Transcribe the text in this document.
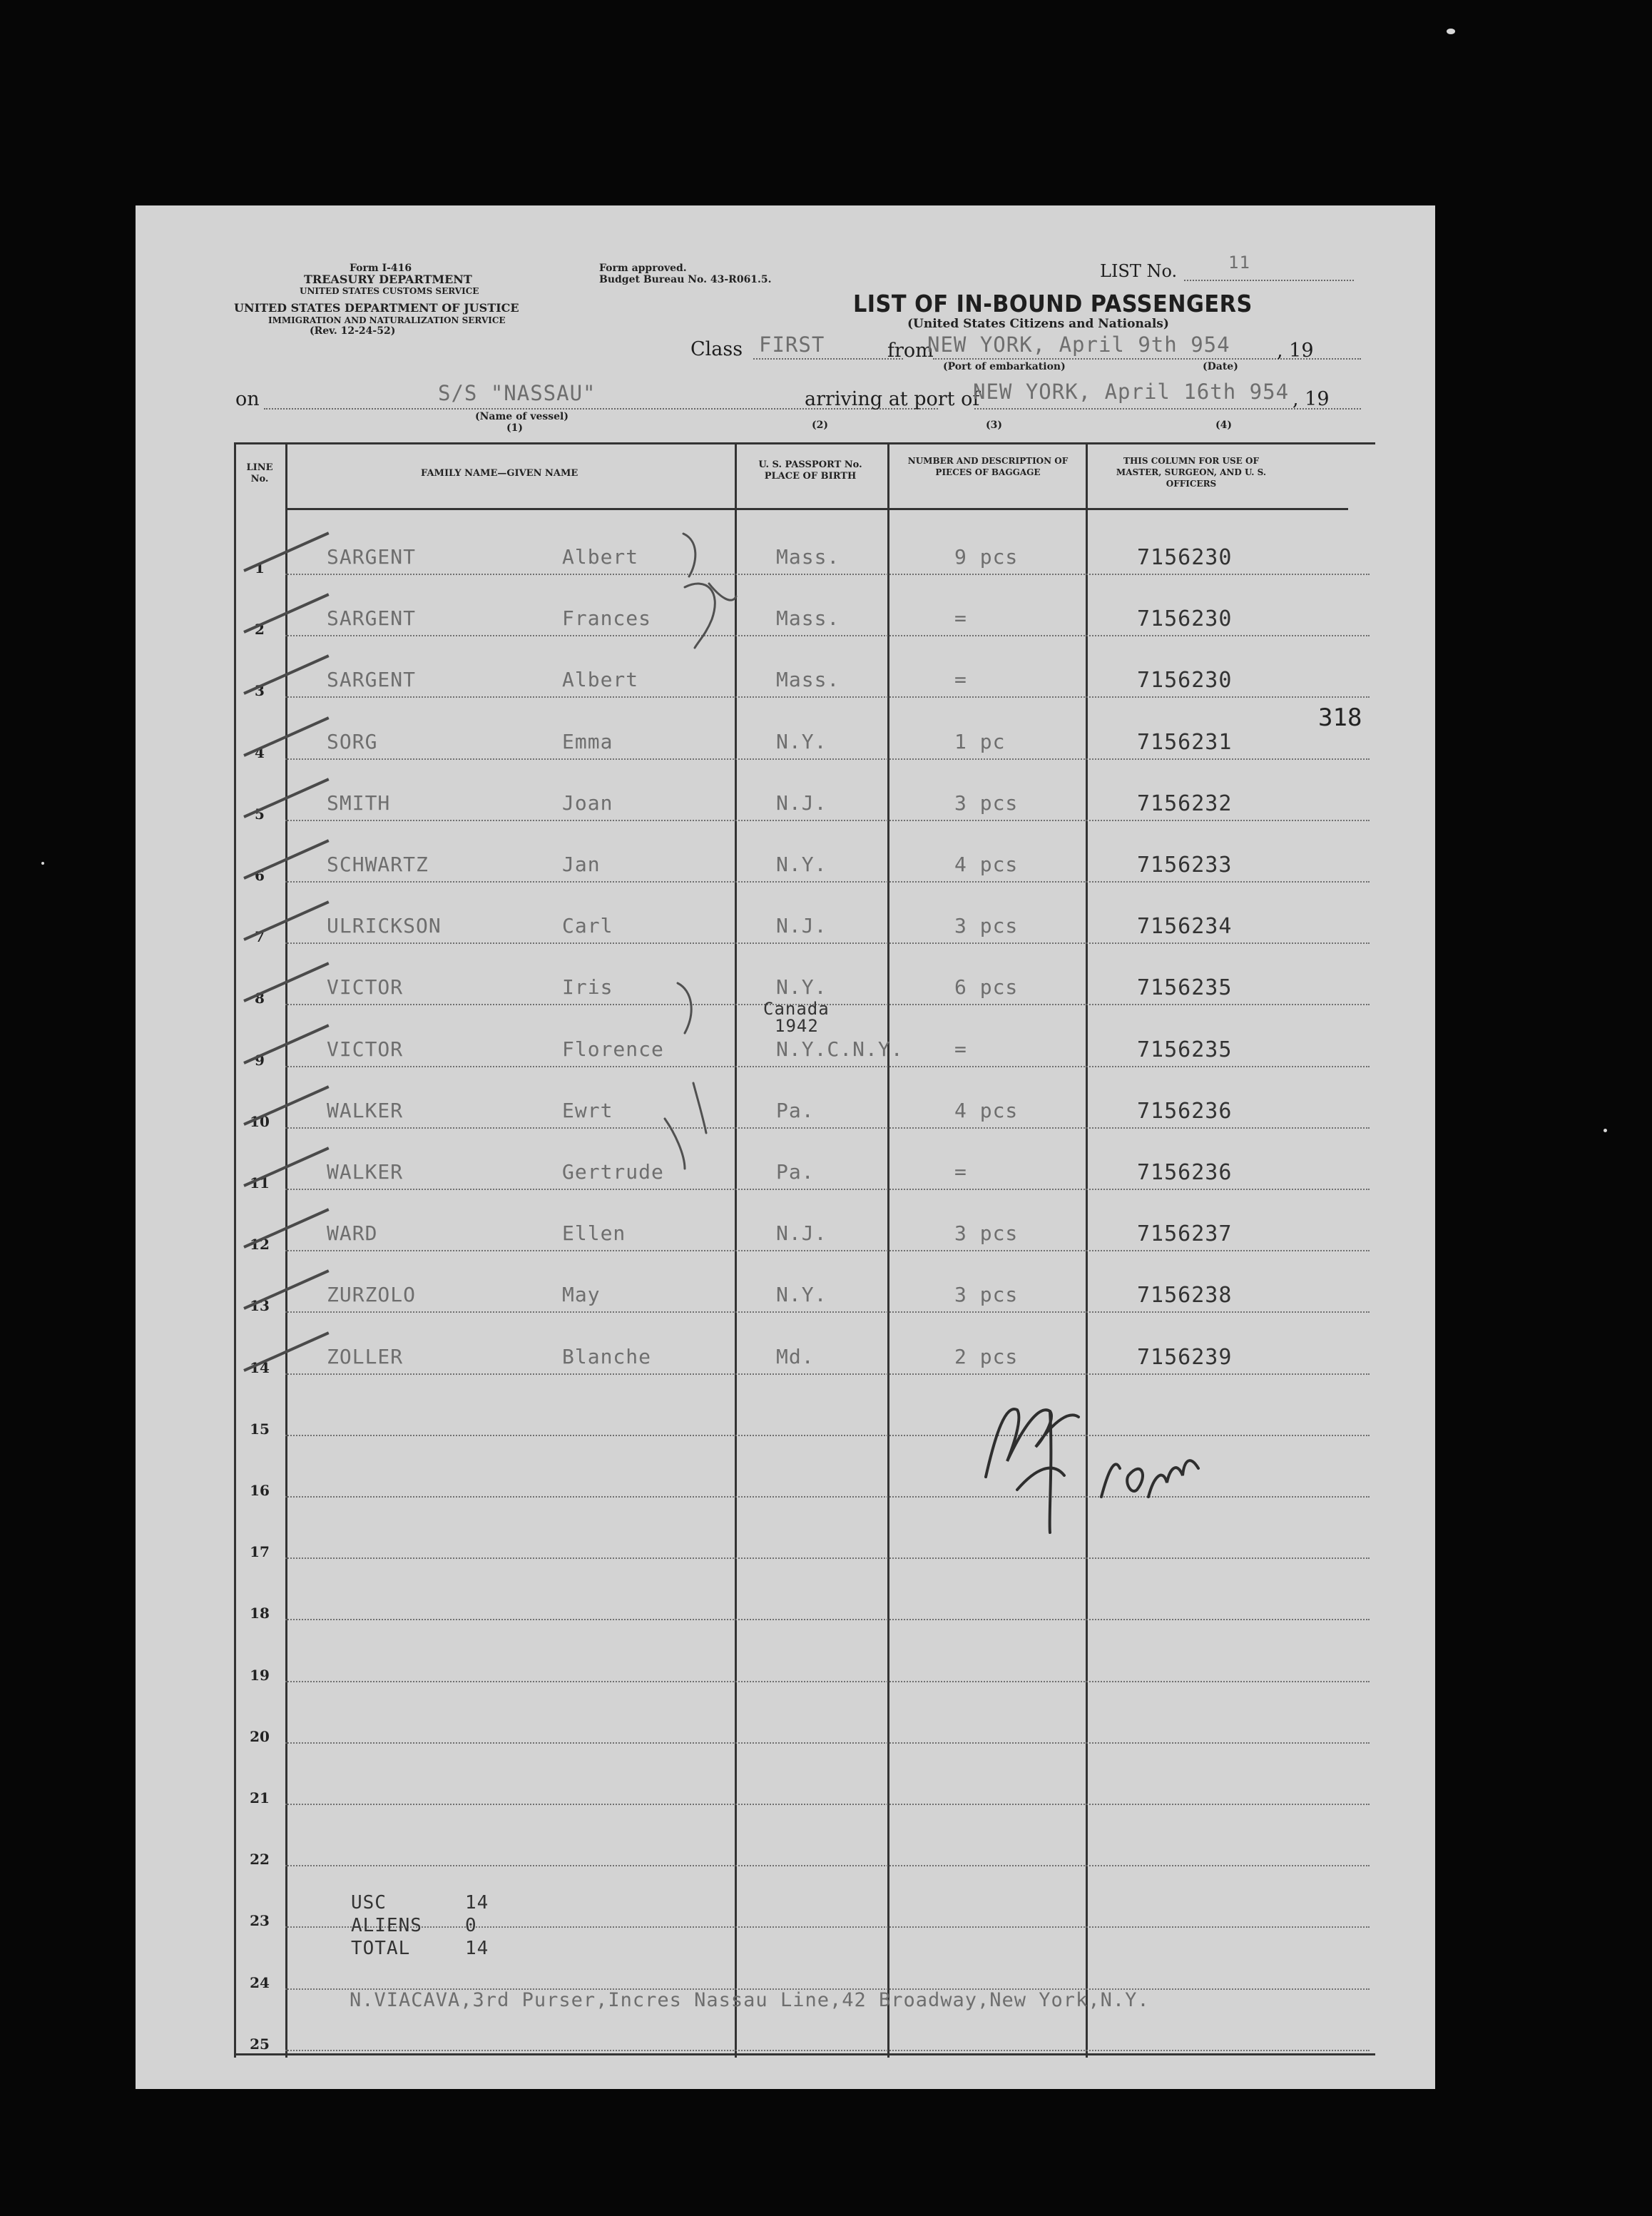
Form I-416
TREASURY DEPARTMENT
UNITED STATES CUSTOMS SERVICE
UNITED STATES DEPARTMENT OF JUSTICE
IMMIGRATION AND NATURALIZATION SERVICE
(Rev. 12-24-52)
Form approved.
Budget Bureau No. 43-R061.5.	LIST No.	11
LIST OF IN-BOUND PASSENGERS
(United States Citizens and Nationals)
Class FIRST	from
NEW YORK, April 9th 954 , 19
(Port of embarkation)	(Date)
on	S/S "NASSAU"	arriving at port of
NEW YORK, April 16th 954 , 19
(Name of vessel)
(1)	(2)	(3)	(4)
LINE No.
FAMILY NAME—GIVEN NAME
U. S. PASSPORT No. PLACE OF BIRTH
NUMBER AND DESCRIPTION OF PIECES OF BAGGAGE
THIS COLUMN FOR USE OF MASTER, SURGEON, AND U. S. OFFICERS
1	SARGENT	Albert	Mass.	9 pcs	7156230
2	SARGENT	Frances	Mass.	=	7156230
3	SARGENT	Albert	Mass.	=	7156230
4	SORG	Emma	N.Y.	1 pc	7156231
5	SMITH	Joan	N.J.	3 pcs	7156232
6	SCHWARTZ	Jan	N.Y.	4 pcs	7156233
7	ULRICKSON	Carl	N.J.	3 pcs	7156234
8	VICTOR	Iris	N.Y.	6 pcs	7156235
9	VICTOR	Florence	N.Y.C.N.Y.	=	7156235
10	WALKER	Ewrt	Pa.	4 pcs	7156236
11	WALKER	Gertrude	Pa.	=	7156236
12	WARD	Ellen	N.J.	3 pcs	7156237
13	ZURZOLO	May	N.Y.	3 pcs	7156238
14	ZOLLER	Blanche	Md.	2 pcs	7156239
15
16
17
18
19
20
21
22
23
24
25
Canada
1942
318
USC	14
ALIENS 0
TOTAL	14
N.VIACAVA,3rd Purser,Incres Nassau Line,42 Broadway,New York,N.Y.
